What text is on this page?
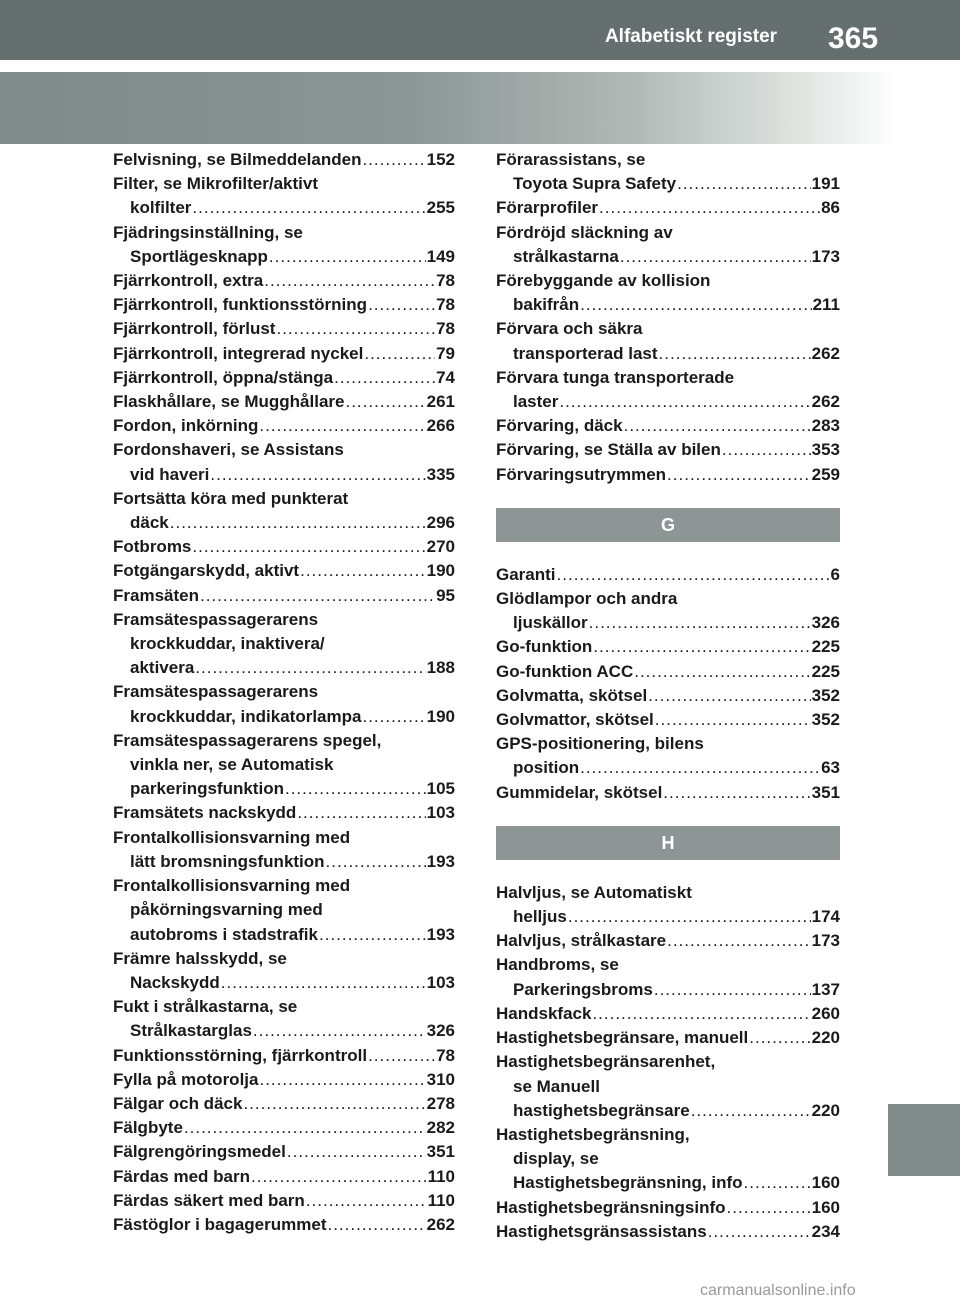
Alfabetiskt register 365
Felvisning, se Bilmeddelanden .....	152
Filter, se Mikrofilter/aktivt
kolfilter .....	255
Fjädringsinställning, se
Sportlägesknapp .....	149
Fjärrkontroll, extra .....	78
Fjärrkontroll, funktionsstörning .....	78
Fjärrkontroll, förlust .....	78
Fjärrkontroll, integrerad nyckel .....	79
Fjärrkontroll, öppna/stänga .....	74
Flaskhållare, se Mugghållare .....	261
Fordon, inkörning .....	266
Fordonshaveri, se Assistans
vid haveri .....	335
Fortsätta köra med punkterat
däck .....	296
Fotbroms .....	270
Fotgängarskydd, aktivt .....	190
Framsäten .....	95
Framsätespassagerarens
krockkuddar, inaktivera/
aktivera .....	188
Framsätespassagerarens
krockkuddar, indikatorlampa .....	190
Framsätespassagerarens spegel,
vinkla ner, se Automatisk
parkeringsfunktion .....	105
Framsätets nackskydd .....	103
Frontalkollisionsvarning med
lätt bromsningsfunktion .....	193
Frontalkollisionsvarning med
påkörningsvarning med
autobroms i stadstrafik .....	193
Främre halsskydd, se
Nackskydd .....	103
Fukt i strålkastarna, se
Strålkastarglas .....	326
Funktionsstörning, fjärrkontroll .....	78
Fylla på motorolja .....	310
Fälgar och däck .....	278
Fälgbyte .....	282
Fälgrengöringsmedel .....	351
Färdas med barn .....	110
Färdas säkert med barn .....	110
Fästöglor i bagagerummet .....	262
Förarassistans, se
Toyota Supra Safety .....	191
Förarprofiler .....	86
Fördröjd släckning av
strålkastarna .....	173
Förebyggande av kollision
bakifrån .....	211
Förvara och säkra
transporterad last .....	262
Förvara tunga transporterade
laster .....	262
Förvaring, däck .....	283
Förvaring, se Ställa av bilen .....	353
Förvaringsutrymmen .....	259
G
Garanti .....	6
Glödlampor och andra
ljuskällor .....	326
Go-funktion .....	225
Go-funktion ACC .....	225
Golvmatta, skötsel .....	352
Golvmattor, skötsel .....	352
GPS-positionering, bilens
position .....	63
Gummidelar, skötsel .....	351
H
Halvljus, se Automatiskt
helljus .....	174
Halvljus, strålkastare .....	173
Handbroms, se
Parkeringsbroms .....	137
Handskfack .....	260
Hastighetsbegränsare, manuell .....	220
Hastighetsbegränsarenhet,
se Manuell
hastighetsbegränsare .....	220
Hastighetsbegränsning,
display, se
Hastighetsbegränsning, info .....	160
Hastighetsbegränsningsinfo .....	160
Hastighetsgränsassistans .....	234
carmanualsonline.info
